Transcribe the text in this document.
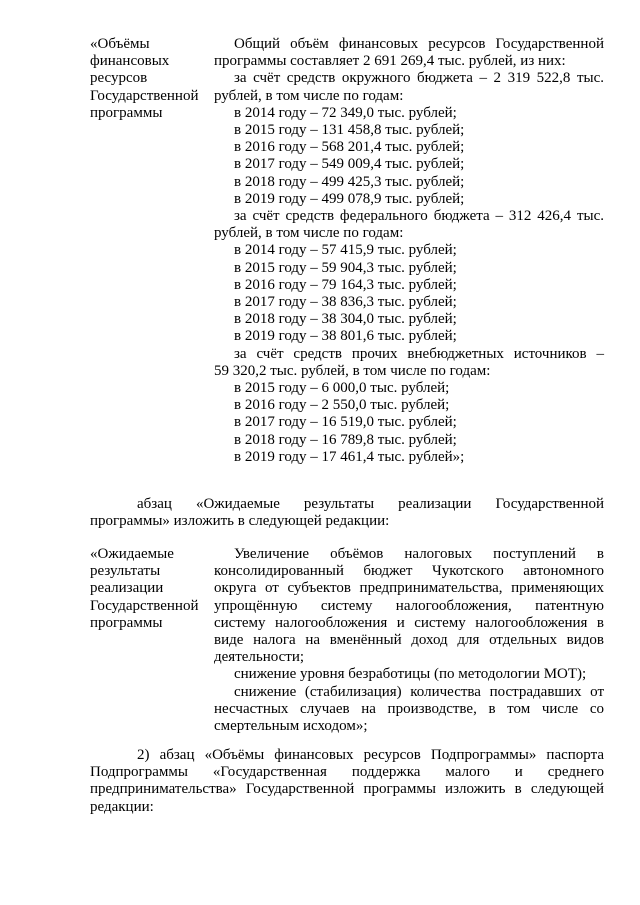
«Объёмы
финансовых
ресурсов
Государственной
программы
Общий объём финансовых ресурсов Государственной
программы составляет 2 691 269,4 тыс. рублей, из них:
за счёт средств окружного бюджета – 2 319 522,8 тыс.
рублей, в том числе по годам:
в 2014 году – 72 349,0 тыс. рублей;
в 2015 году – 131 458,8 тыс. рублей;
в 2016 году – 568 201,4 тыс. рублей;
в 2017 году – 549 009,4 тыс. рублей;
в 2018 году – 499 425,3 тыс. рублей;
в 2019 году – 499 078,9 тыс. рублей;
за счёт средств федерального бюджета – 312 426,4 тыс.
рублей, в том числе по годам:
в 2014 году – 57 415,9 тыс. рублей;
в 2015 году – 59 904,3 тыс. рублей;
в 2016 году – 79 164,3 тыс. рублей;
в 2017 году – 38 836,3 тыс. рублей;
в 2018 году – 38 304,0 тыс. рублей;
в 2019 году – 38 801,6 тыс. рублей;
за счёт средств прочих внебюджетных источников –
59 320,2 тыс. рублей, в том числе по годам:
в 2015 году – 6 000,0 тыс. рублей;
в 2016 году – 2 550,0 тыс. рублей;
в 2017 году – 16 519,0 тыс. рублей;
в 2018 году – 16 789,8 тыс. рублей;
в 2019 году – 17 461,4 тыс. рублей»;
абзац «Ожидаемые результаты реализации Государственной
программы» изложить в следующей редакции:
«Ожидаемые
результаты
реализации
Государственной
программы
Увеличение объёмов налоговых поступлений в
консолидированный бюджет Чукотского автономного
округа от субъектов предпринимательства, применяющих
упрощённую систему налогообложения, патентную
систему налогообложения и систему налогообложения в
виде налога на вменённый доход для отдельных видов
деятельности;
снижение уровня безработицы (по методологии МОТ);
снижение (стабилизация) количества пострадавших от
несчастных случаев на производстве, в том числе со
смертельным исходом»;
2) абзац «Объёмы финансовых ресурсов Подпрограммы» паспорта
Подпрограммы «Государственная поддержка малого и среднего
предпринимательства» Государственной программы изложить в следующей
редакции:
